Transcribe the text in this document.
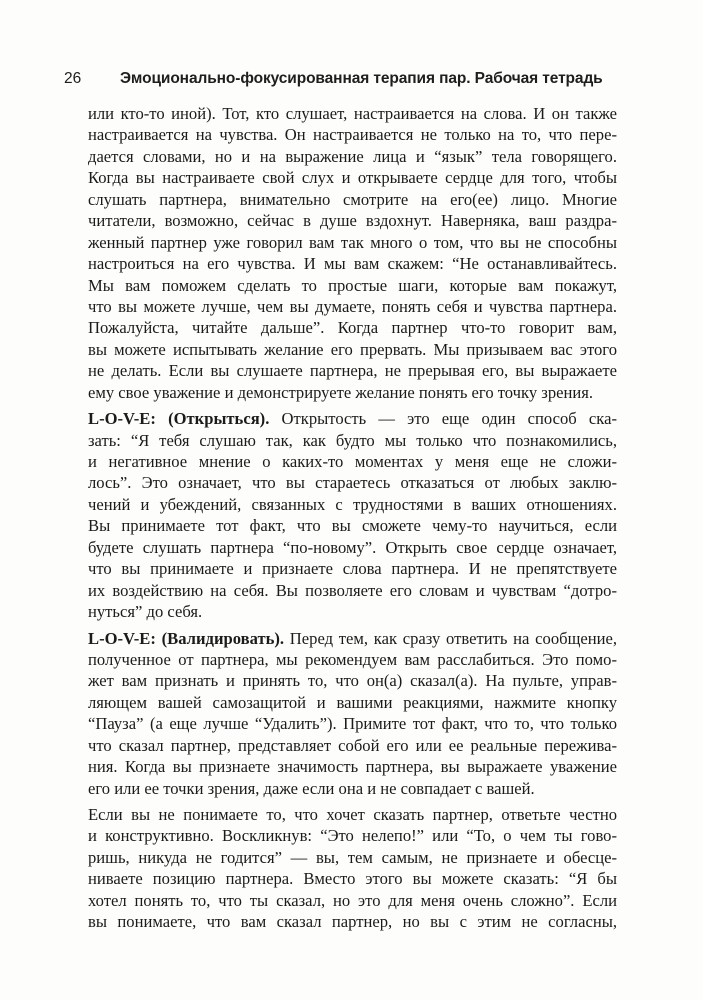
26	Эмоционально-фокусированная терапия пар. Рабочая тетрадь
или кто-то иной). Тот, кто слушает, настраивается на слова. И он также
настраивается на чувства. Он настраивается не только на то, что пере-
дается словами, но и на выражение лица и “язык” тела говорящего.
Когда вы настраиваете свой слух и открываете сердце для того, чтобы
слушать партнера, внимательно смотрите на его(ее) лицо. Многие
читатели, возможно, сейчас в душе вздохнут. Наверняка, ваш раздра-
женный партнер уже говорил вам так много о том, что вы не способны
настроиться на его чувства. И мы вам скажем: “Не останавливайтесь.
Мы вам поможем сделать то простые шаги, которые вам покажут,
что вы можете лучше, чем вы думаете, понять себя и чувства партнера.
Пожалуйста, читайте дальше”. Когда партнер что-то говорит вам,
вы можете испытывать желание его прервать. Мы призываем вас этого
не делать. Если вы слушаете партнера, не прерывая его, вы выражаете
ему свое уважение и демонстрируете желание понять его точку зрения.
L-O-V-E: (Открыться). Открытость — это еще один способ ска-
зать: “Я тебя слушаю так, как будто мы только что познакомились,
и негативное мнение о каких-то моментах у меня еще не сложи-
лось”. Это означает, что вы стараетесь отказаться от любых заклю-
чений и убеждений, связанных с трудностями в ваших отношениях.
Вы принимаете тот факт, что вы сможете чему-то научиться, если
будете слушать партнера “по-новому”. Открыть свое сердце означает,
что вы принимаете и признаете слова партнера. И не препятствуете
их воздействию на себя. Вы позволяете его словам и чувствам “дотро-
нуться” до себя.
L-O-V-E: (Валидировать). Перед тем, как сразу ответить на сообщение,
полученное от партнера, мы рекомендуем вам расслабиться. Это помо-
жет вам признать и принять то, что он(а) сказал(а). На пульте, управ-
ляющем вашей самозащитой и вашими реакциями, нажмите кнопку
“Пауза” (а еще лучше “Удалить”). Примите тот факт, что то, что только
что сказал партнер, представляет собой его или ее реальные пережива-
ния. Когда вы признаете значимость партнера, вы выражаете уважение
его или ее точки зрения, даже если она и не совпадает с вашей.
Если вы не понимаете то, что хочет сказать партнер, ответьте честно
и конструктивно. Воскликнув: “Это нелепо!” или “То, о чем ты гово-
ришь, никуда не годится” — вы, тем самым, не признаете и обесце-
ниваете позицию партнера. Вместо этого вы можете сказать: “Я бы
хотел понять то, что ты сказал, но это для меня очень сложно”. Если
вы понимаете, что вам сказал партнер, но вы с этим не согласны,
